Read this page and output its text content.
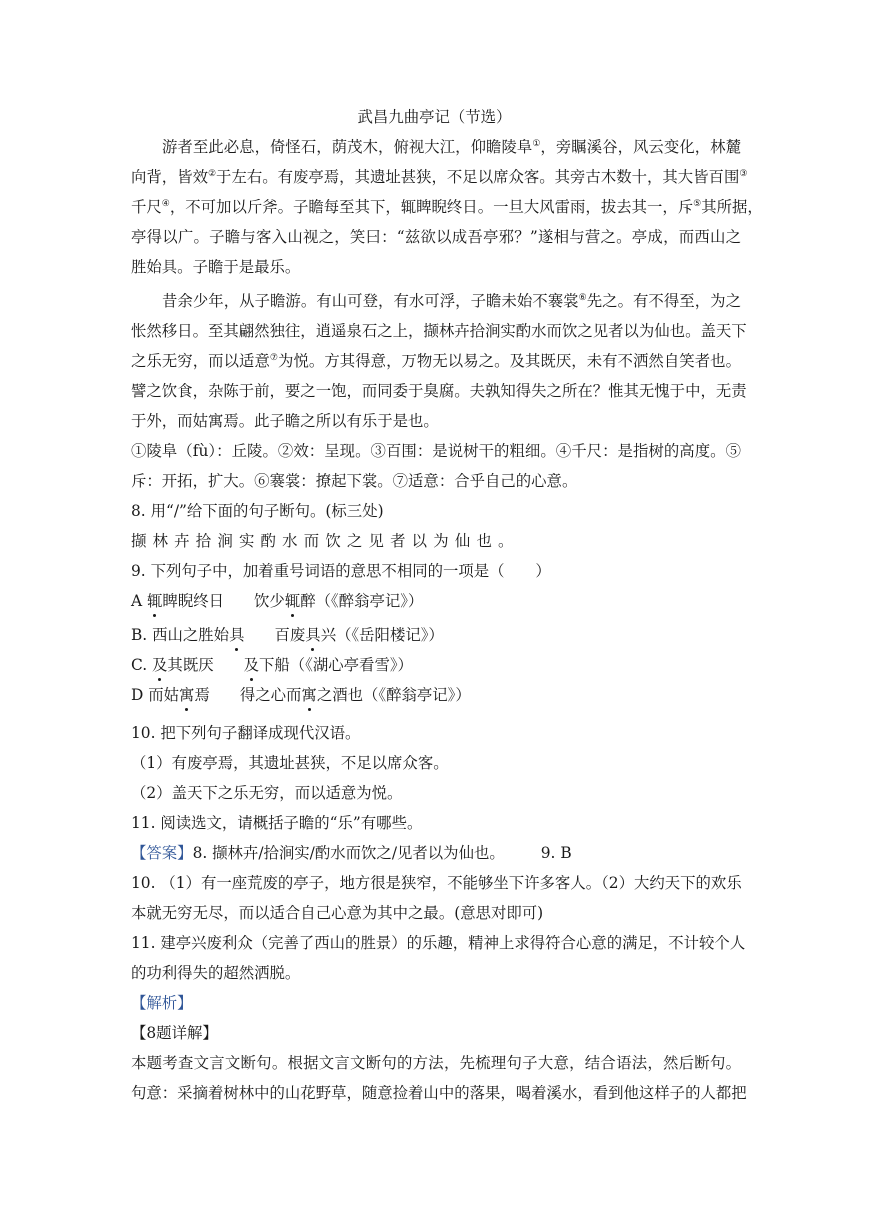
武昌九曲亭记（节选）
游者至此必息，倚怪石，荫茂木，俯视大江，仰瞻陵阜①，旁瞩溪谷，风云变化，林麓
向背，皆效②于左右。有废亭焉，其遗址甚狭，不足以席众客。其旁古木数十，其大皆百围③
千尺④，不可加以斤斧。子瞻每至其下，辄睥睨终日。一旦大风雷雨，拔去其一，斥⑤其所据，
亭得以广。子瞻与客入山视之，笑曰：“兹欲以成吾亭邪？”遂相与营之。亭成，而西山之
胜始具。子瞻于是最乐。
昔余少年，从子瞻游。有山可登，有水可浮，子瞻未始不褰裳⑥先之。有不得至，为之
怅然移日。至其翩然独往，逍遥泉石之上，撷林卉拾涧实酌水而饮之见者以为仙也。盖天下
之乐无穷，而以适意⑦为悦。方其得意，万物无以易之。及其既厌，未有不洒然自笑者也。
譬之饮食，杂陈于前，要之一饱，而同委于臭腐。夫孰知得失之所在？惟其无愧于中，无责
于外，而姑寓焉。此子瞻之所以有乐于是也。
①陵阜（fù）：丘陵。②效：呈现。③百围：是说树干的粗细。④千尺：是指树的高度。⑤
斥：开拓，扩大。⑥褰裳：撩起下裳。⑦适意：合乎自己的心意。
8. 用“/”给下面的句子断句。(标三处)
撷林卉拾涧实酌水而饮之见者以为仙也。
9. 下列句子中，加着重号词语的意思不相同的一项是（　　）
A 辄睥睨终日 饮少辄醉（《醉翁亭记》）
B. 西山之胜始具 百废具兴（《岳阳楼记》）
C. 及其既厌 及下船（《湖心亭看雪》）
D 而姑寓焉 得之心而寓之酒也（《醉翁亭记》）
10. 把下列句子翻译成现代汉语。
（1）有废亭焉，其遗址甚狭，不足以席众客。
（2）盖天下之乐无穷，而以适意为悦。
11. 阅读选文，请概括子瞻的“乐”有哪些。
【答案】8. 撷林卉/拾涧实/酌水而饮之/见者以为仙也。 9. B
10. （1）有一座荒废的亭子，地方很是狭窄，不能够坐下许多客人。（2）大约天下的欢乐
本就无穷无尽，而以适合自己心意为其中之最。(意思对即可)
11. 建亭兴废利众（完善了西山的胜景）的乐趣，精神上求得符合心意的满足，不计较个人
的功利得失的超然洒脱。
【解析】
【8题详解】
本题考查文言文断句。根据文言文断句的方法，先梳理句子大意，结合语法，然后断句。
句意：采摘着树林中的山花野草，随意捡着山中的落果，喝着溪水，看到他这样子的人都把
